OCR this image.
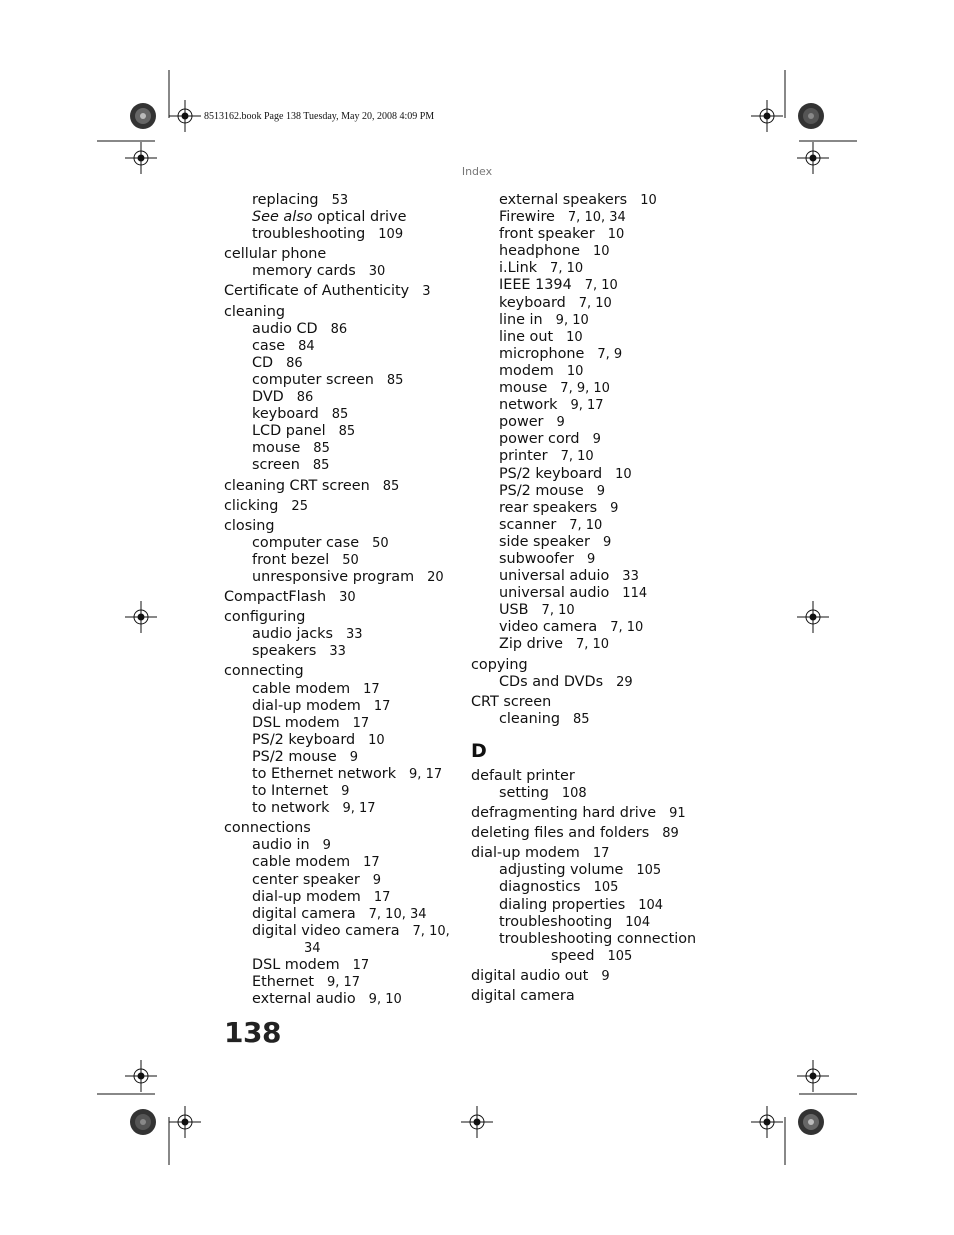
8513162.book Page 138 Tuesday, May 20, 2008 4:09 PM
Index
replacing 53
See also optical drive
troubleshooting 109
cellular phone
memory cards 30
Certificate of Authenticity 3
cleaning
audio CD 86
case 84
CD 86
computer screen 85
DVD 86
keyboard 85
LCD panel 85
mouse 85
screen 85
cleaning CRT screen 85
clicking 25
closing
computer case 50
front bezel 50
unresponsive program 20
CompactFlash 30
configuring
audio jacks 33
speakers 33
connecting
cable modem 17
dial-up modem 17
DSL modem 17
PS/2 keyboard 10
PS/2 mouse 9
to Ethernet network 9, 17
to Internet 9
to network 9, 17
connections
audio in 9
cable modem 17
center speaker 9
dial-up modem 17
digital camera 7, 10, 34
digital video camera 7, 10,
34
DSL modem 17
Ethernet 9, 17
external audio 9, 10
external speakers 10
Firewire 7, 10, 34
front speaker 10
headphone 10
i.Link 7, 10
IEEE 1394 7, 10
keyboard 7, 10
line in 9, 10
line out 10
microphone 7, 9
modem 10
mouse 7, 9, 10
network 9, 17
power 9
power cord 9
printer 7, 10
PS/2 keyboard 10
PS/2 mouse 9
rear speakers 9
scanner 7, 10
side speaker 9
subwoofer 9
universal aduio 33
universal audio 114
USB 7, 10
video camera 7, 10
Zip drive 7, 10
copying
CDs and DVDs 29
CRT screen
cleaning 85
D
default printer
setting 108
defragmenting hard drive 91
deleting files and folders 89
dial-up modem 17
adjusting volume 105
diagnostics 105
dialing properties 104
troubleshooting 104
troubleshooting connection
speed 105
digital audio out 9
digital camera
138
